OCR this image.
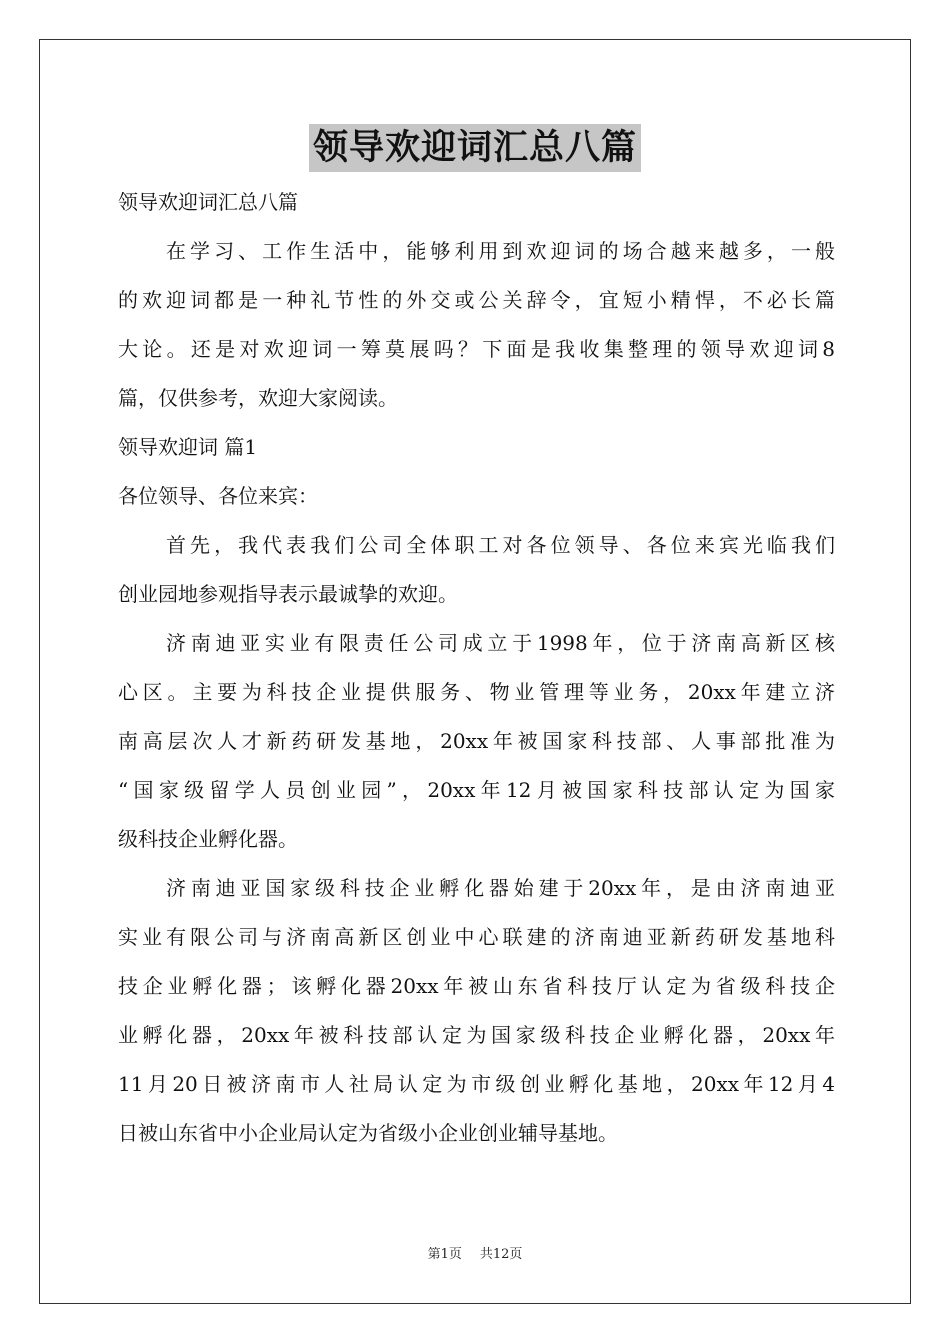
领导欢迎词汇总八篇

领导欢迎词汇总八篇

在学习、工作生活中，能够利用到欢迎词的场合越来越多，一般

的欢迎词都是一种礼节性的外交或公关辞令，宜短小精悍，不必长篇

大论。还是对欢迎词一筹莫展吗？下面是我收集整理的领导欢迎词8

篇，仅供参考，欢迎大家阅读。

领导欢迎词 篇1

各位领导、各位来宾：

首先，我代表我们公司全体职工对各位领导、各位来宾光临我们

创业园地参观指导表示最诚挚的欢迎。

济南迪亚实业有限责任公司成立于1998年，位于济南高新区核

心区。主要为科技企业提供服务、物业管理等业务，20xx年建立济

南高层次人才新药研发基地，20xx年被国家科技部、人事部批准为

“国家级留学人员创业园”，20xx年12月被国家科技部认定为国家

级科技企业孵化器。

济南迪亚国家级科技企业孵化器始建于20xx年，是由济南迪亚

实业有限公司与济南高新区创业中心联建的济南迪亚新药研发基地科

技企业孵化器；该孵化器20xx年被山东省科技厅认定为省级科技企

业孵化器，20xx年被科技部认定为国家级科技企业孵化器，20xx年

11月20日被济南市人社局认定为市级创业孵化基地，20xx年12月4

日被山东省中小企业局认定为省级小企业创业辅导基地。

第1页 共12页
